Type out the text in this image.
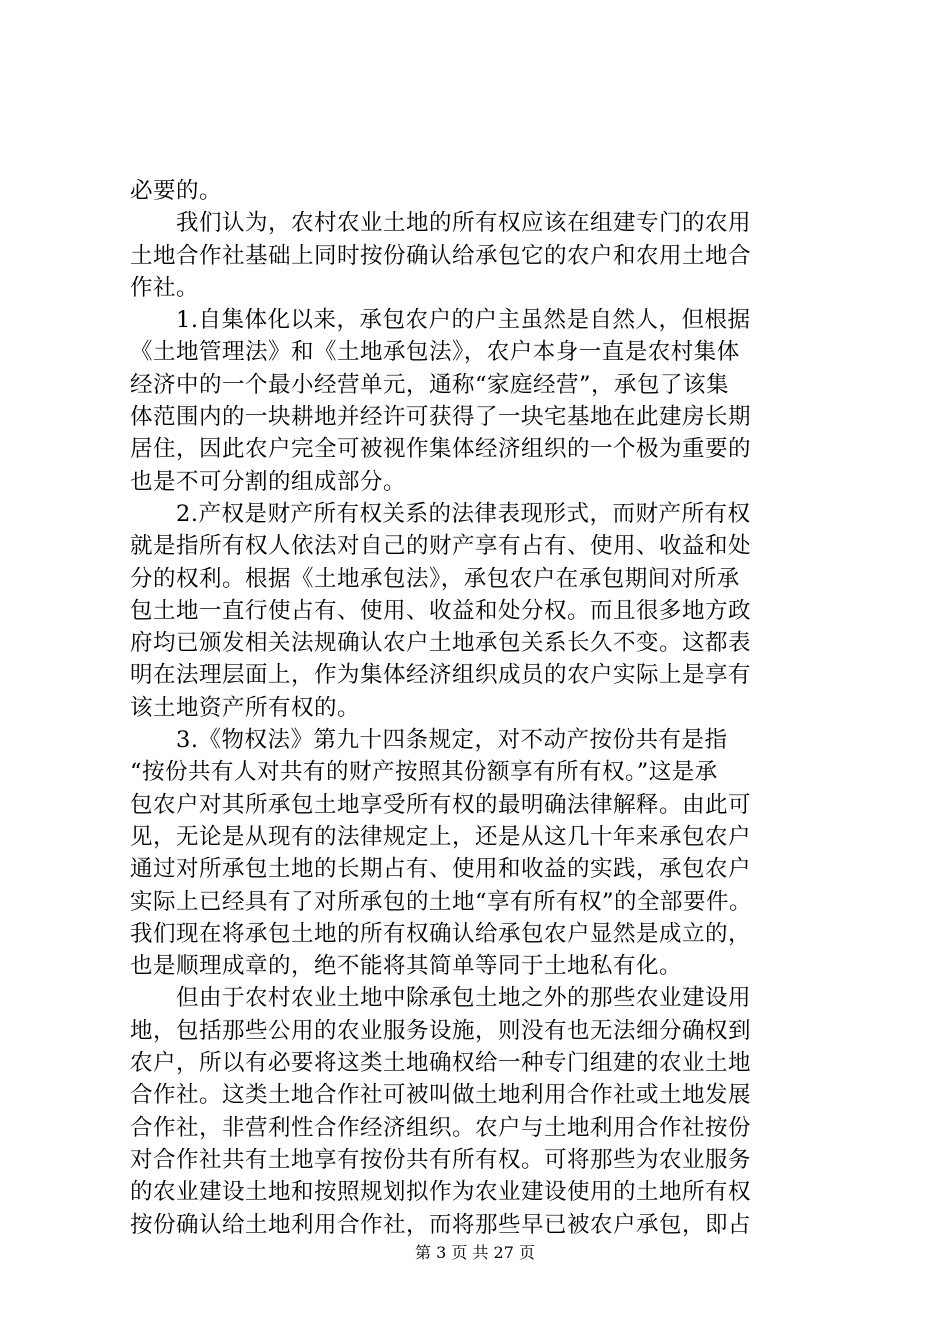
必要的。
　　我们认为，农村农业土地的所有权应该在组建专门的农用
土地合作社基础上同时按份确认给承包它的农户和农用土地合
作社。
　　1.自集体化以来，承包农户的户主虽然是自然人，但根据
《土地管理法》和《土地承包法》，农户本身一直是农村集体
经济中的一个最小经营单元，通称“家庭经营”，承包了该集
体范围内的一块耕地并经许可获得了一块宅基地在此建房长期
居住，因此农户完全可被视作集体经济组织的一个极为重要的
也是不可分割的组成部分。
　　2.产权是财产所有权关系的法律表现形式，而财产所有权
就是指所有权人依法对自己的财产享有占有、使用、收益和处
分的权利。根据《土地承包法》，承包农户在承包期间对所承
包土地一直行使占有、使用、收益和处分权。而且很多地方政
府均已颁发相关法规确认农户土地承包关系长久不变。这都表
明在法理层面上，作为集体经济组织成员的农户实际上是享有
该土地资产所有权的。
　　3.《物权法》第九十四条规定，对不动产按份共有是指
“按份共有人对共有的财产按照其份额享有所有权。”这是承
包农户对其所承包土地享受所有权的最明确法律解释。由此可
见，无论是从现有的法律规定上，还是从这几十年来承包农户
通过对所承包土地的长期占有、使用和收益的实践，承包农户
实际上已经具有了对所承包的土地“享有所有权”的全部要件。
我们现在将承包土地的所有权确认给承包农户显然是成立的，
也是顺理成章的，绝不能将其简单等同于土地私有化。
　　但由于农村农业土地中除承包土地之外的那些农业建设用
地，包括那些公用的农业服务设施，则没有也无法细分确权到
农户，所以有必要将这类土地确权给一种专门组建的农业土地
合作社。这类土地合作社可被叫做土地利用合作社或土地发展
合作社，非营利性合作经济组织。农户与土地利用合作社按份
对合作社共有土地享有按份共有所有权。可将那些为农业服务
的农业建设土地和按照规划拟作为农业建设使用的土地所有权
按份确认给土地利用合作社，而将那些早已被农户承包，即占
第 3 页 共 27 页
